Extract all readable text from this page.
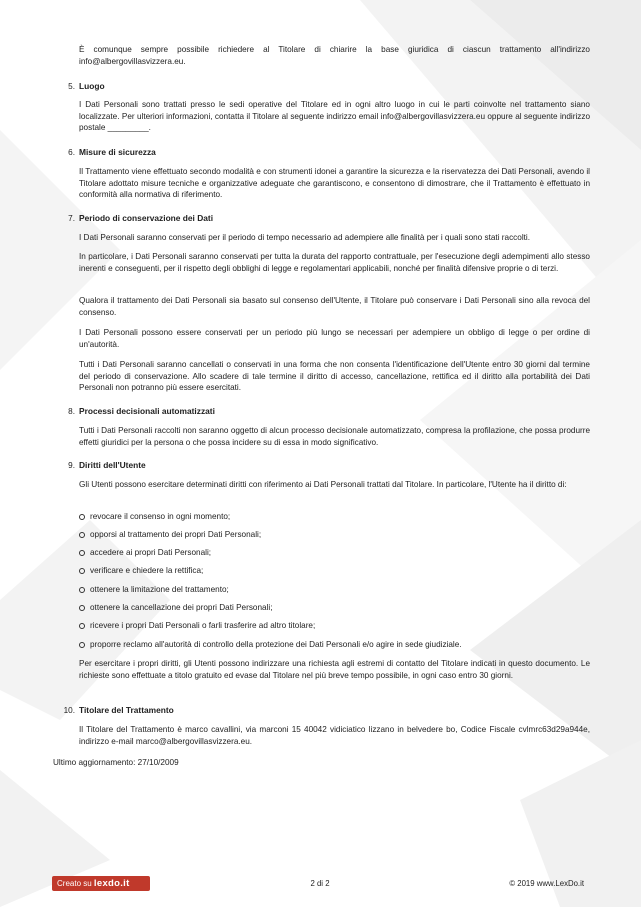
È comunque sempre possibile richiedere al Titolare di chiarire la base giuridica di ciascun trattamento all'indirizzo info@albergovillasvizzera.eu.

5. Luogo

I Dati Personali sono trattati presso le sedi operative del Titolare ed in ogni altro luogo in cui le parti coinvolte nel trattamento siano localizzate. Per ulteriori informazioni, contatta il Titolare al seguente indirizzo email info@albergovillasvizzera.eu oppure al seguente indirizzo postale _________.

6. Misure di sicurezza

Il Trattamento viene effettuato secondo modalità e con strumenti idonei a garantire la sicurezza e la riservatezza dei Dati Personali, avendo il Titolare adottato misure tecniche e organizzative adeguate che garantiscono, e consentono di dimostrare, che il Trattamento è effettuato in conformità alla normativa di riferimento.

7. Periodo di conservazione dei Dati

I Dati Personali saranno conservati per il periodo di tempo necessario ad adempiere alle finalità per i quali sono stati raccolti.

In particolare, i Dati Personali saranno conservati per tutta la durata del rapporto contrattuale, per l'esecuzione degli adempimenti allo stesso inerenti e conseguenti, per il rispetto degli obblighi di legge e regolamentari applicabili, nonché per finalità difensive proprie o di terzi.

Qualora il trattamento dei Dati Personali sia basato sul consenso dell'Utente, il Titolare può conservare i Dati Personali sino alla revoca del consenso.

I Dati Personali possono essere conservati per un periodo più lungo se necessari per adempiere un obbligo di legge o per ordine di un'autorità.

Tutti i Dati Personali saranno cancellati o conservati in una forma che non consenta l'identificazione dell'Utente entro 30 giorni dal termine del periodo di conservazione. Allo scadere di tale termine il diritto di accesso, cancellazione, rettifica ed il diritto alla portabilità dei Dati Personali non potranno più essere esercitati.

8. Processi decisionali automatizzati

Tutti i Dati Personali raccolti non saranno oggetto di alcun processo decisionale automatizzato, compresa la profilazione, che possa produrre effetti giuridici per la persona o che possa incidere su di essa in modo significativo.

9. Diritti dell'Utente

Gli Utenti possono esercitare determinati diritti con riferimento ai Dati Personali trattati dal Titolare. In particolare, l'Utente ha il diritto di:

revocare il consenso in ogni momento;
opporsi al trattamento dei propri Dati Personali;
accedere ai propri Dati Personali;
verificare e chiedere la rettifica;
ottenere la limitazione del trattamento;
ottenere la cancellazione dei propri Dati Personali;
ricevere i propri Dati Personali o farli trasferire ad altro titolare;
proporre reclamo all'autorità di controllo della protezione dei Dati Personali e/o agire in sede giudiziale.

Per esercitare i propri diritti, gli Utenti possono indirizzare una richiesta agli estremi di contatto del Titolare indicati in questo documento. Le richieste sono effettuate a titolo gratuito ed evase dal Titolare nel più breve tempo possibile, in ogni caso entro 30 giorni.

10. Titolare del Trattamento

Il Titolare del Trattamento è marco cavallini, via marconi 15 40042 vidiciatico lizzano in belvedere bo, Codice Fiscale cvlmrc63d29a944e, indirizzo e-mail marco@albergovillasvizzera.eu.

Ultimo aggiornamento: 27/10/2009
Creato su lexdo.it	2 di 2	© 2019 www.LexDo.it
